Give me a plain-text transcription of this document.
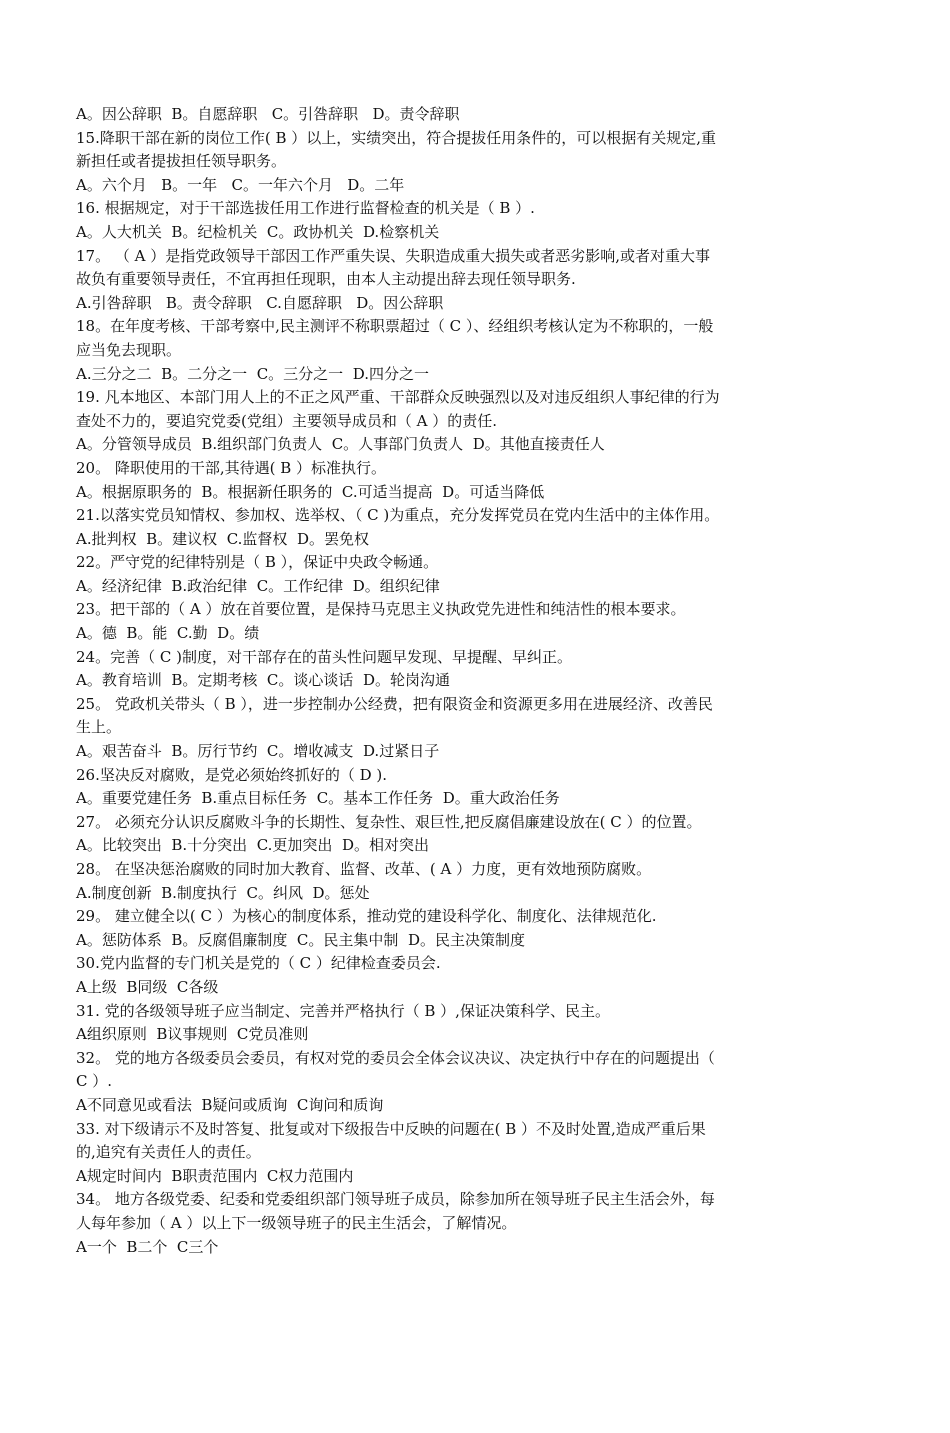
A。因公辞职  B。自愿辞职   C。引咎辞职   D。责令辞职
15.降职干部在新的岗位工作( B ）以上，实绩突出，符合提拔任用条件的，可以根据有关规定,重
新担任或者提拔担任领导职务。
A。六个月   B。一年   C。一年六个月   D。二年
16. 根据规定，对于干部选拔任用工作进行监督检查的机关是（ B ）.
A。人大机关  B。纪检机关  C。政协机关  D.检察机关
17。 （ A ）是指党政领导干部因工作严重失误、失职造成重大损失或者恶劣影响,或者对重大事
故负有重要领导责任，不宜再担任现职，由本人主动提出辞去现任领导职务.
A.引咎辞职   B。责令辞职   C.自愿辞职   D。因公辞职
18。在年度考核、干部考察中,民主测评不称职票超过（ C ）、经组织考核认定为不称职的，一般
应当免去现职。
A.三分之二  B。二分之一  C。三分之一  D.四分之一
19. 凡本地区、本部门用人上的不正之风严重、干部群众反映强烈以及对违反组织人事纪律的行为
查处不力的，要追究党委(党组）主要领导成员和（ A ）的责任.
A。分管领导成员  B.组织部门负责人  C。人事部门负责人  D。其他直接责任人
20。 降职使用的干部,其待遇( B ）标准执行。
A。根据原职务的  B。根据新任职务的  C.可适当提高  D。可适当降低
21.以落实党员知情权、参加权、选举权、（ C )为重点，充分发挥党员在党内生活中的主体作用。
A.批判权  B。建议权  C.监督权  D。罢免权
22。严守党的纪律特别是（ B ），保证中央政令畅通。
A。经济纪律  B.政治纪律  C。工作纪律  D。组织纪律
23。把干部的（ A ）放在首要位置，是保持马克思主义执政党先进性和纯洁性的根本要求。
A。德  B。能  C.勤  D。绩
24。完善（ C )制度，对干部存在的苗头性问题早发现、早提醒、早纠正。
A。教育培训  B。定期考核  C。谈心谈话  D。轮岗沟通
25。 党政机关带头（ B ），进一步控制办公经费，把有限资金和资源更多用在进展经济、改善民
生上。
A。艰苦奋斗  B。厉行节约  C。增收减支  D.过紧日子
26.坚决反对腐败，是党必须始终抓好的（ D ).
A。重要党建任务  B.重点目标任务  C。基本工作任务  D。重大政治任务
27。 必须充分认识反腐败斗争的长期性、复杂性、艰巨性,把反腐倡廉建设放在( C ）的位置。
A。比较突出  B.十分突出  C.更加突出  D。相对突出
28。 在坚决惩治腐败的同时加大教育、监督、改革、( A ）力度，更有效地预防腐败。
A.制度创新  B.制度执行  C。纠风  D。惩处
29。 建立健全以( C ）为核心的制度体系，推动党的建设科学化、制度化、法律规范化.
A。惩防体系  B。反腐倡廉制度  C。民主集中制  D。民主决策制度
30.党内监督的专门机关是党的（ C ）纪律检查委员会.
A上级  B同级  C各级
31. 党的各级领导班子应当制定、完善并严格执行（ B ）,保证决策科学、民主。
A组织原则  B议事规则  C党员准则
32。 党的地方各级委员会委员，有权对党的委员会全体会议决议、决定执行中存在的问题提出（
C ）.
A不同意见或看法  B疑问或质询  C询问和质询
33. 对下级请示不及时答复、批复或对下级报告中反映的问题在( B ）不及时处置,造成严重后果
的,追究有关责任人的责任。
A规定时间内  B职责范围内  C权力范围内
34。 地方各级党委、纪委和党委组织部门领导班子成员，除参加所在领导班子民主生活会外，每
人每年参加（ A ）以上下一级领导班子的民主生活会，了解情况。
A一个  B二个  C三个
